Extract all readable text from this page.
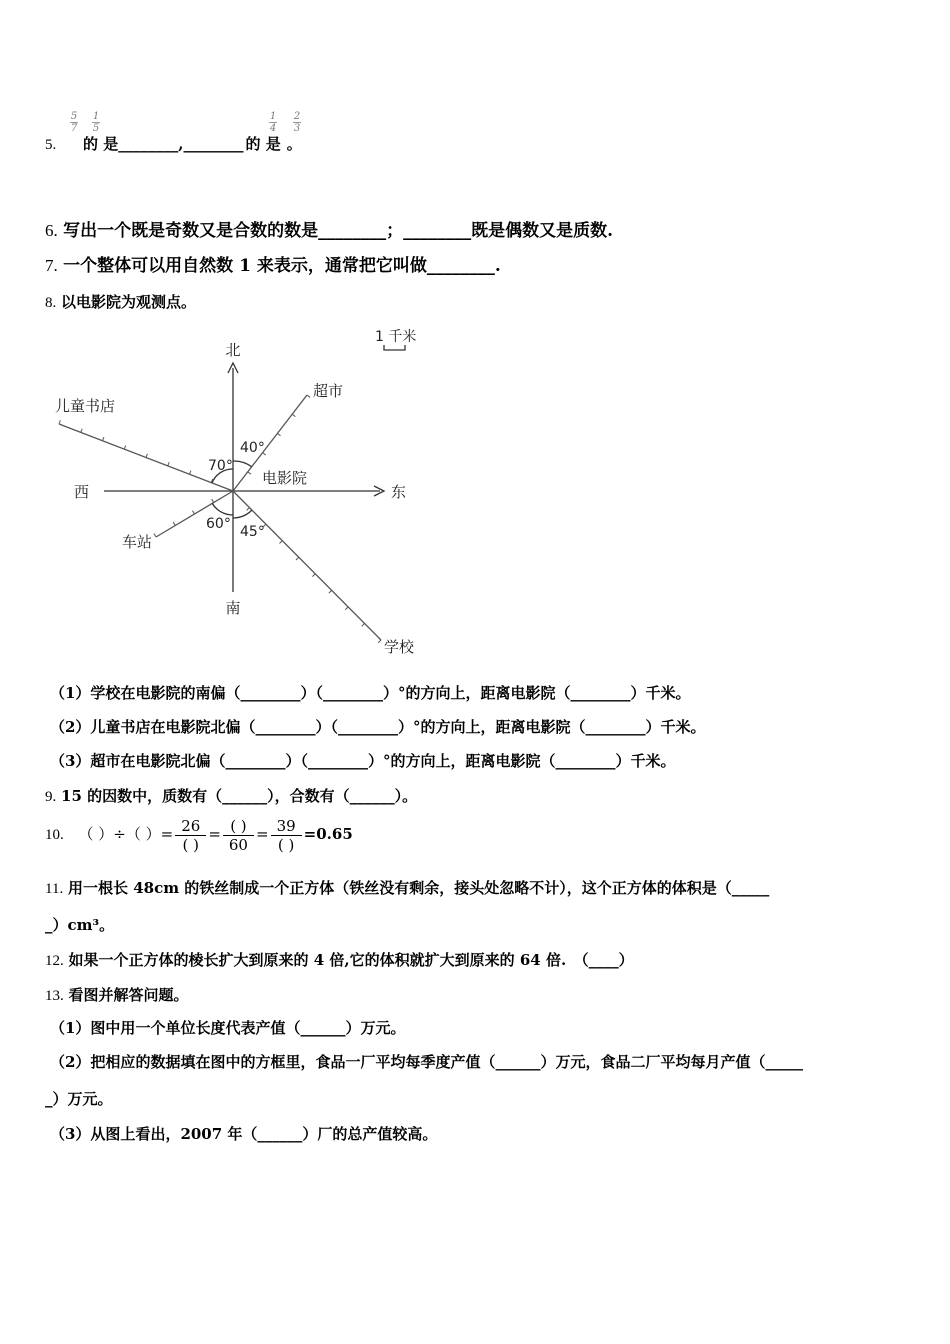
5
7
1
5
1
4
2
3
5. 的 是________,________ 的 是 。
6. 写出一个既是奇数又是合数的数是________；________既是偶数又是质数.
7. 一个整体可以用自然数 1 来表示，通常把它叫做________.
8. 以电影院为观测点。
北
南
东
西
电影院
儿童书店
超市
车站
学校
70°
40°
60° 45°
1 千米
（1）学校在电影院的南偏（________）（________）°的方向上，距离电影院（________）千米。
（2）儿童书店在电影院北偏（________）（________）°的方向上，距离电影院（________）千米。
（3）超市在电影院北偏（________）（________）°的方向上，距离电影院（________）千米。
9. 15 的因数中，质数有（______），合数有（______）。
10. （ ）÷（ ）= 26
( )
= ( )
60
= 39
( )
=0.65
11. 用一根长 48cm 的铁丝制成一个正方体（铁丝没有剩余，接头处忽略不计），这个正方体的体积是（_____
_）cm³。
12. 如果一个正方体的棱长扩大到原来的 4 倍,它的体积就扩大到原来的 64 倍.　（____）
13. 看图并解答问题。
（1）图中用一个单位长度代表产值（______）万元。
（2）把相应的数据填在图中的方框里，食品一厂平均每季度产值（______）万元，食品二厂平均每月产值（_____
_）万元。
（3）从图上看出，2007 年（______）厂的总产值较高。
